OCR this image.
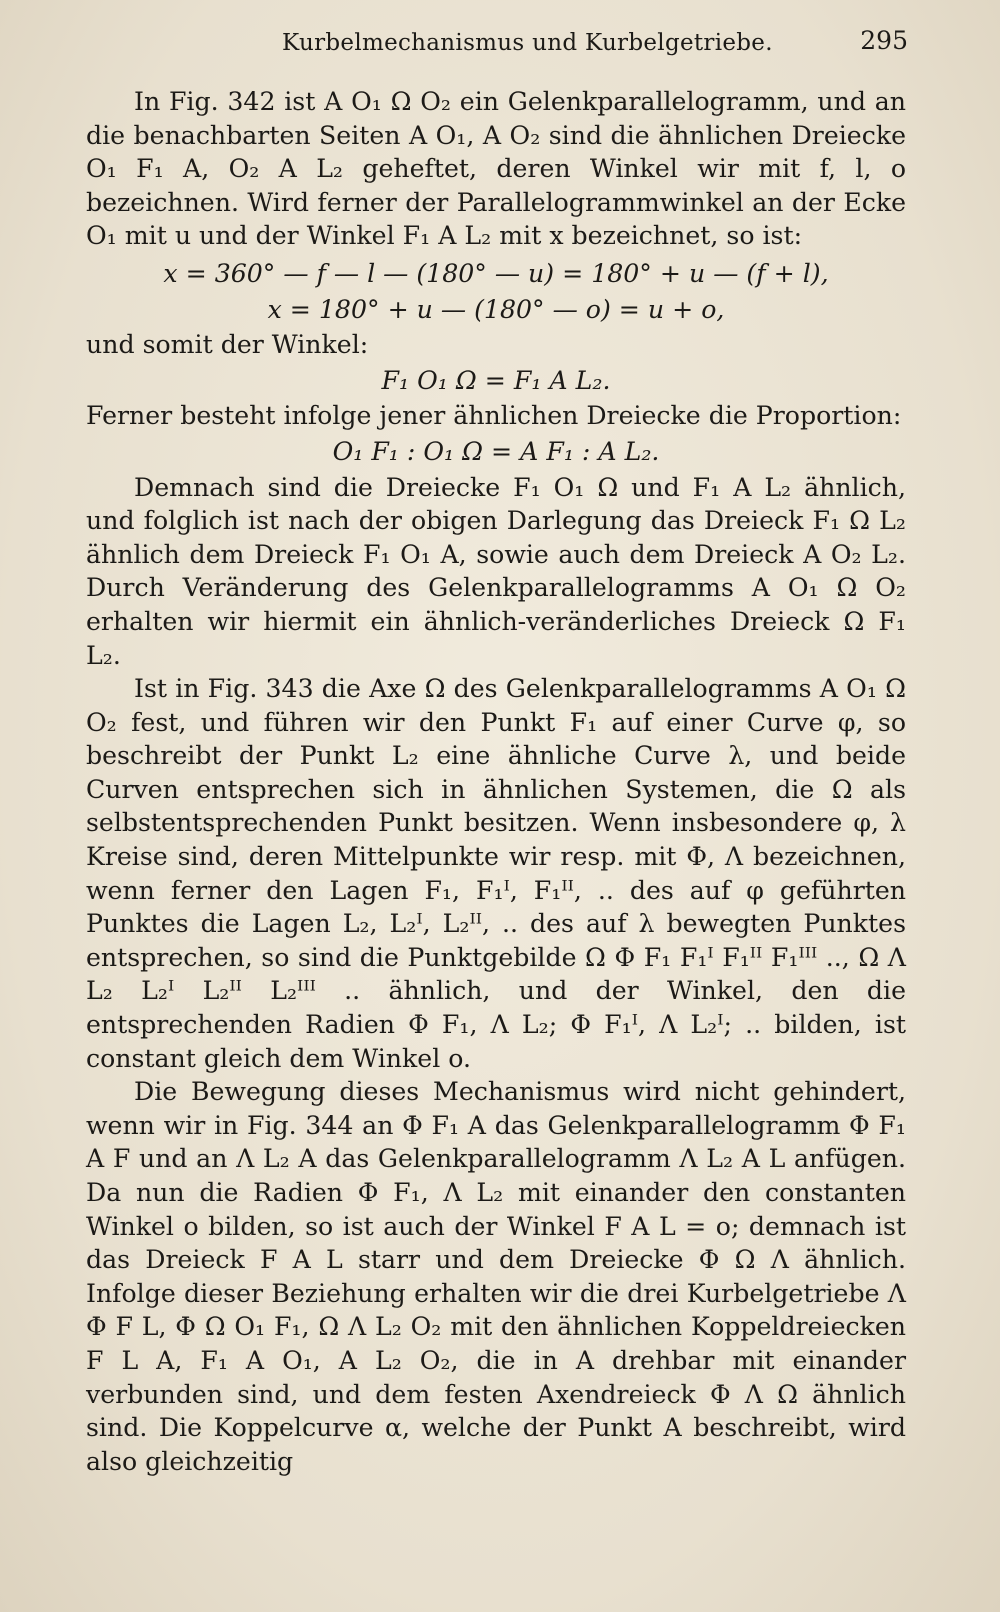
Kurbelmechanismus und Kurbelgetriebe.	295

In Fig. 342 ist A O₁ Ω O₂ ein Gelenkparallelogramm, und an die benachbarten Seiten A O₁, A O₂ sind die ähnlichen Dreiecke O₁ F₁ A, O₂ A L₂ geheftet, deren Winkel wir mit f, l, o bezeichnen. Wird ferner der Parallelogrammwinkel an der Ecke O₁ mit u und der Winkel F₁ A L₂ mit x bezeichnet, so ist:

x = 360° — f — l — (180° — u) = 180° + u — (f + l),
x = 180° + u — (180° — o) = u + o,

und somit der Winkel:

F₁ O₁ Ω = F₁ A L₂.

Ferner besteht infolge jener ähnlichen Dreiecke die Proportion:

O₁ F₁ : O₁ Ω = A F₁ : A L₂.

Demnach sind die Dreiecke F₁ O₁ Ω und F₁ A L₂ ähnlich, und folglich ist nach der obigen Darlegung das Dreieck F₁ Ω L₂ ähnlich dem Dreieck F₁ O₁ A, sowie auch dem Dreieck A O₂ L₂. Durch Veränderung des Gelenkparallelogramms A O₁ Ω O₂ erhalten wir hiermit ein ähnlich-veränderliches Dreieck Ω F₁ L₂.

Ist in Fig. 343 die Axe Ω des Gelenkparallelogramms A O₁ Ω O₂ fest, und führen wir den Punkt F₁ auf einer Curve φ, so beschreibt der Punkt L₂ eine ähnliche Curve λ, und beide Curven entsprechen sich in ähnlichen Systemen, die Ω als selbstentsprechenden Punkt besitzen. Wenn insbesondere φ, λ Kreise sind, deren Mittelpunkte wir resp. mit Φ, Λ bezeichnen, wenn ferner den Lagen F₁, F₁ᴵ, F₁ᴵᴵ, .. des auf φ geführten Punktes die Lagen L₂, L₂ᴵ, L₂ᴵᴵ, .. des auf λ bewegten Punktes entsprechen, so sind die Punktgebilde Ω Φ F₁ F₁ᴵ F₁ᴵᴵ F₁ᴵᴵᴵ .., Ω Λ L₂ L₂ᴵ L₂ᴵᴵ L₂ᴵᴵᴵ .. ähnlich, und der Winkel, den die entsprechenden Radien Φ F₁, Λ L₂; Φ F₁ᴵ, Λ L₂ᴵ; .. bilden, ist constant gleich dem Winkel o.

Die Bewegung dieses Mechanismus wird nicht gehindert, wenn wir in Fig. 344 an Φ F₁ A das Gelenkparallelogramm Φ F₁ A F und an Λ L₂ A das Gelenkparallelogramm Λ L₂ A L anfügen. Da nun die Radien Φ F₁, Λ L₂ mit einander den constanten Winkel o bilden, so ist auch der Winkel F A L = o; demnach ist das Dreieck F A L starr und dem Dreiecke Φ Ω Λ ähnlich. Infolge dieser Beziehung erhalten wir die drei Kurbelgetriebe Λ Φ F L, Φ Ω O₁ F₁, Ω Λ L₂ O₂ mit den ähnlichen Koppeldreiecken F L A, F₁ A O₁, A L₂ O₂, die in A drehbar mit einander verbunden sind, und dem festen Axendreieck Φ Λ Ω ähnlich sind. Die Koppelcurve α, welche der Punkt A beschreibt, wird also gleichzeitig
